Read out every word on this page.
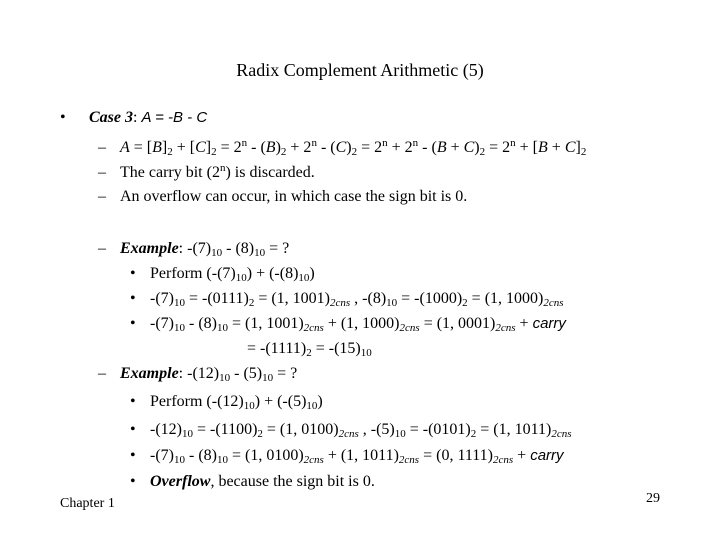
Radix Complement Arithmetic (5)
• Case 3: A = -B - C
– $A = [B]_2 + [C]_2 = 2^n - (B)_2 + 2^n - (C)_2 = 2^n + 2^n - (B + C)_2 = 2^n + [B + C]_2$
– The carry bit (2$^n$) is discarded.
– An overflow can occur, in which case the sign bit is 0.
– Example: $-(7)_{10} - (8)_{10}$ = ?
• Perform $(-(7)_{10}) + (-(8)_{10})$
• $-(7)_{10} = -(0111)_2 = (1$, $1001)_{2cns}$ , $-(8)_{10} = -(1000)_2 = (1$, $1000)_{2cns}$
• $-(7)_{10} - (8)_{10} = (1$, $1001)_{2cns} + (1$, $1000)_{2cns} = (1$, $0001)_{2cns}$ + carry
= $-(1111)_2 = -(15)_{10}$
– Example: $-(12)_{10} - (5)_{10}$ = ?
• Perform $(-(12)_{10}) + (-(5)_{10})$
• $-(12)_{10} = -(1100)_2 = (1$, $0100)_{2cns}$ , $-(5)_{10} = -(0101)_2 = (1$, $1011)_{2cns}$
• $-(7)_{10} - (8)_{10} = (1$, $0100)_{2cns} + (1$, $1011)_{2cns} = (0$, $1111)_{2cns}$ + carry
• Overflow, because the sign bit is 0.
Chapter 1	29
